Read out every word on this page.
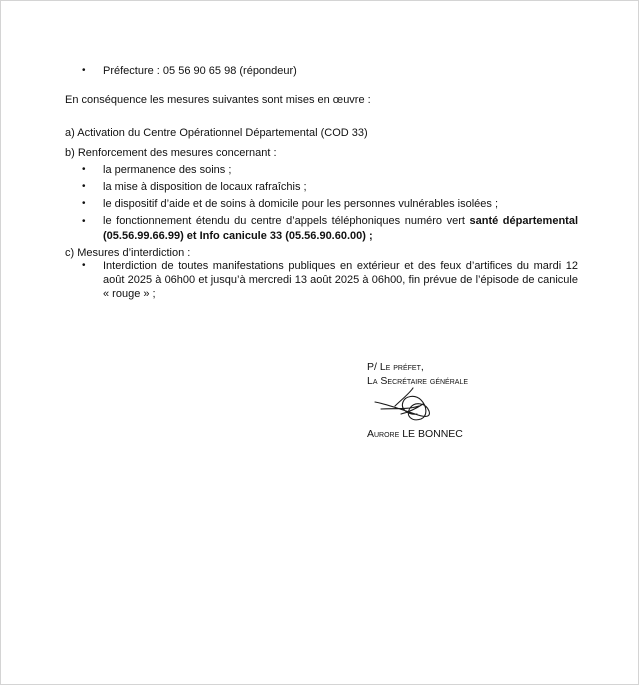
• Préfecture : 05 56 90 65 98 (répondeur)
En conséquence les mesures suivantes sont mises en œuvre :
a) Activation du Centre Opérationnel Départemental (COD 33)
b) Renforcement des mesures concernant :
• la permanence des soins ;
• la mise à disposition de locaux rafraîchis ;
• le dispositif d’aide et de soins à domicile pour les personnes vulnérables isolées ;
• le fonctionnement étendu du centre d’appels téléphoniques numéro vert santé départemental (05.56.99.66.99) et Info canicule 33 (05.56.90.60.00) ;
c) Mesures d’interdiction :
• Interdiction de toutes manifestations publiques en extérieur et des feux d’artifices du mardi 12 août 2025 à 06h00 et jusqu’à mercredi 13 août 2025 à 06h00, fin prévue de l’épisode de canicule « rouge » ;
P/ Le préfet,
La Secrétaire générale
Aurore LE BONNEC
